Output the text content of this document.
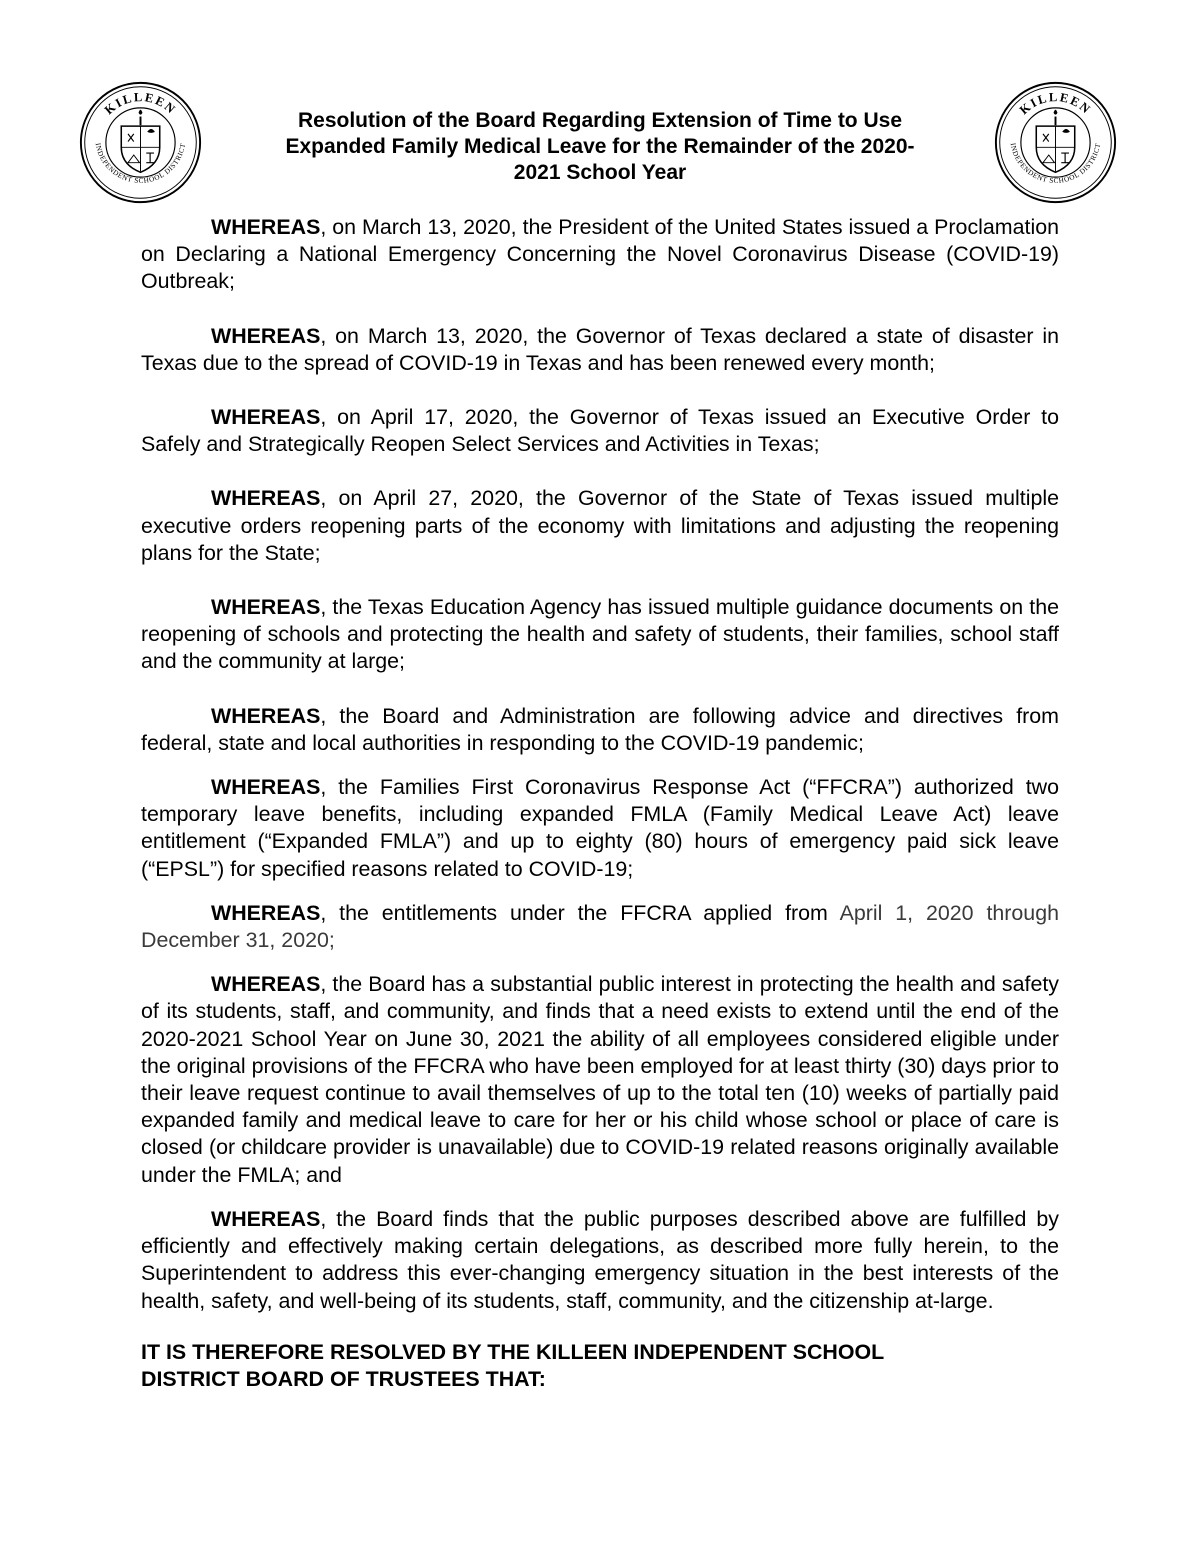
KILLEEN
INDEPENDENT SCHOOL DISTRICT
Resolution of the Board Regarding Extension of Time to Use
Expanded Family Medical Leave for the Remainder of the 2020-
2021 School Year
KILLEEN
INDEPENDENT SCHOOL DISTRICT

WHEREAS, on March 13, 2020, the President of the United States issued a Proclamation on Declaring a National Emergency Concerning the Novel Coronavirus Disease (COVID-19) Outbreak;

WHEREAS, on March 13, 2020, the Governor of Texas declared a state of disaster in Texas due to the spread of COVID-19 in Texas and has been renewed every month;

WHEREAS, on April 17, 2020, the Governor of Texas issued an Executive Order to Safely and Strategically Reopen Select Services and Activities in Texas;

WHEREAS, on April 27, 2020, the Governor of the State of Texas issued multiple executive orders reopening parts of the economy with limitations and adjusting the reopening plans for the State;

WHEREAS, the Texas Education Agency has issued multiple guidance documents on the reopening of schools and protecting the health and safety of students, their families, school staff and the community at large;

WHEREAS, the Board and Administration are following advice and directives from federal, state and local authorities in responding to the COVID-19 pandemic;

WHEREAS, the Families First Coronavirus Response Act (“FFCRA”) authorized two temporary leave benefits, including expanded FMLA (Family Medical Leave Act) leave entitlement (“Expanded FMLA”) and up to eighty (80) hours of emergency paid sick leave (“EPSL”) for specified reasons related to COVID-19;

WHEREAS, the entitlements under the FFCRA applied from April 1, 2020 through December 31, 2020;

WHEREAS, the Board has a substantial public interest in protecting the health and safety of its students, staff, and community, and finds that a need exists to extend until the end of the 2020-2021 School Year on June 30, 2021 the ability of all employees considered eligible under the original provisions of the FFCRA who have been employed for at least thirty (30) days prior to their leave request continue to avail themselves of up to the total ten (10) weeks of partially paid expanded family and medical leave to care for her or his child whose school or place of care is closed (or childcare provider is unavailable) due to COVID-19 related reasons originally available under the FMLA; and

WHEREAS, the Board finds that the public purposes described above are fulfilled by efficiently and effectively making certain delegations, as described more fully herein, to the Superintendent to address this ever-changing emergency situation in the best interests of the health, safety, and well-being of its students, staff, community, and the citizenship at-large.

IT IS THEREFORE RESOLVED BY THE KILLEEN INDEPENDENT SCHOOL
DISTRICT BOARD OF TRUSTEES THAT:
